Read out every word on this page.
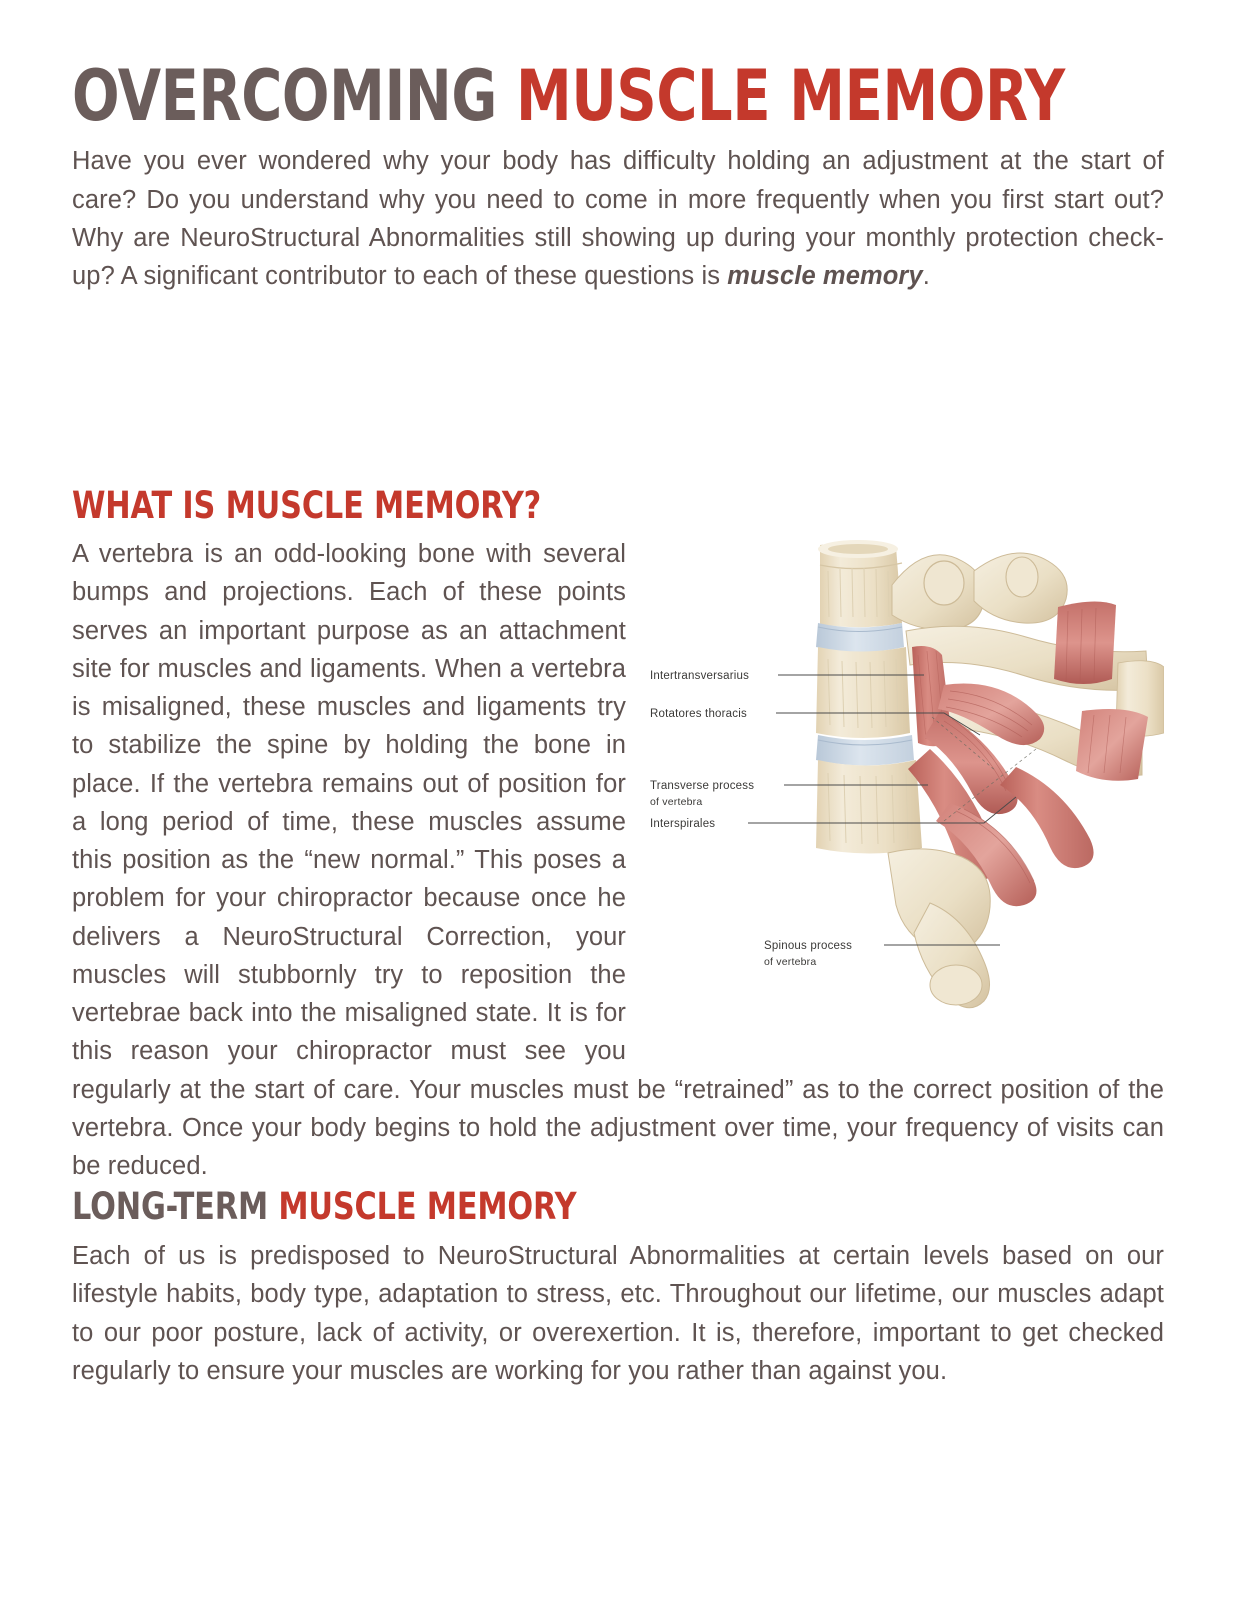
OVERCOMING MUSCLE MEMORY

Have you ever wondered why your body has difficulty holding an adjustment at the start of care? Do you understand why you need to come in more frequently when you first start out? Why are NeuroStructural Abnormalities still showing up during your monthly protection check-up? A significant contributor to each of these questions is muscle memory.

WHAT IS MUSCLE MEMORY?
Intertransversarius
Rotatores thoracis
Transverse process
of vertebra
Interspirales
Spinous process
of vertebra

A vertebra is an odd-looking bone with several bumps and projections. Each of these points serves an important purpose as an attachment site for muscles and ligaments. When a vertebra is misaligned, these muscles and ligaments try to stabilize the spine by holding the bone in place. If the vertebra remains out of position for a long period of time, these muscles assume this position as the “new normal.” This poses a problem for your chiropractor because once he delivers a NeuroStructural Correction, your muscles will stubbornly try to reposition the vertebrae back into the misaligned state. It is for this reason your chiropractor must see you regularly at the start of care. Your muscles must be “retrained” as to the correct position of the vertebra. Once your body begins to hold the adjustment over time, your frequency of visits can be reduced.

LONG-TERM MUSCLE MEMORY

Each of us is predisposed to NeuroStructural Abnormalities at certain levels based on our lifestyle habits, body type, adaptation to stress, etc. Throughout our lifetime, our muscles adapt to our poor posture, lack of activity, or overexertion. It is, therefore, important to get checked regularly to ensure your muscles are working for you rather than against you.
